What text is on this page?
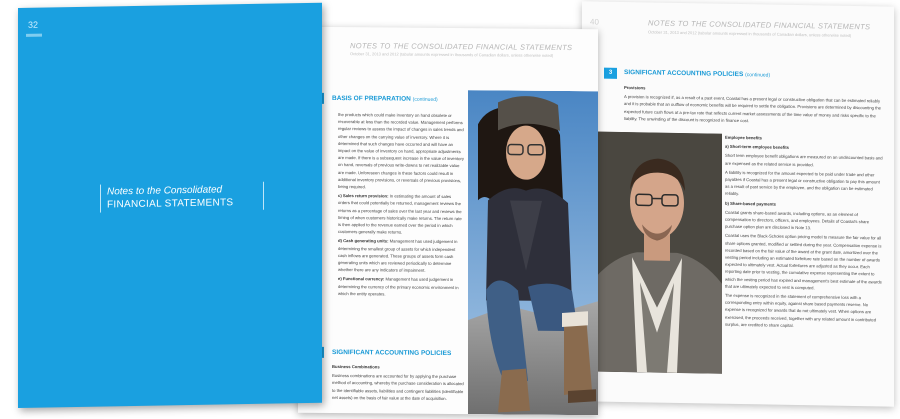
40	NOTES TO THE CONSOLIDATED FINANCIAL STATEMENTS
October 31, 2013 and 2012 (tabular amounts expressed in thousands of Canadian dollars, unless otherwise noted)
3	SIGNIFICANT ACCOUNTING POLICIES (continued)

Provisions

A provision is recognized if, as a result of a past event, Coastal has a present legal or constructive obligation that can be estimated reliably and it is probable that an outflow of economic benefits will be required to settle the obligation. Provisions are determined by discounting the expected future cash flows at a pre-tax rate that reflects current market assessments of the time value of money and risks specific to the liability. The unwinding of the discount is recognized in finance cost.

Employee benefits

a) Short-term employee benefits

Short term employee benefit obligations are measured on an undiscounted basis and are expensed as the related service is provided.

A liability is recognized for the amount expected to be paid under trade and other payables if Coastal has a present legal or constructive obligation to pay this amount as a result of past service by the employee, and the obligation can be estimated reliably.

b) Share-based payments

Coastal grants share-based awards, including options, as an element of compensation to directors, officers, and employees. Details of Coastal's share purchase option plan are disclosed in Note 13.

Coastal uses the Black-Scholes option pricing model to measure the fair value for all share options granted, modified or settled during the year. Compensation expense is recorded based on the fair value of the award at the grant date, amortized over the vesting period including an estimated forfeiture rate based on the number of awards expected to ultimately vest. Actual forfeitures are adjusted as they occur. Each reporting date prior to vesting, the cumulative expense representing the extent to which the vesting period has expired and management's best estimate of the awards that are ultimately expected to vest is computed.

The expense is recognized in the statement of comprehensive loss with a corresponding entry within equity, against share based payments reserve. No expense is recognized for awards that do not ultimately vest. When options are exercised, the proceeds received, together with any related amount in contributed surplus, are credited to share capital.

NOTES TO THE CONSOLIDATED FINANCIAL STATEMENTS
October 31, 2013 and 2012 (tabular amounts expressed in thousands of Canadian dollars, unless otherwise noted)
BASIS OF PREPARATION (continued)

the products which could make inventory on hand obsolete or recoverable at less than the recorded value. Management performs regular reviews to assess the impact of changes in sales trends and other changes on the carrying value of inventory. Where it is determined that such changes have occurred and will have an impact on the value of inventory on hand, appropriate adjustments are made. If there is a subsequent increase in the value of inventory on hand, reversals of previous write-downs to net realizable value are made. Unforeseen changes in these factors could result in additional inventory provisions, or reversals of previous provisions, being required.

c) Sales return provision: In estimating the amount of sales orders that could potentially be returned, management reviews the returns as a percentage of sales over the last year and reviews the timing of when customers historically make returns. The return rate is then applied to the revenue earned over the period in which customers generally make returns.

d) Cash generating units: Management has used judgement in determining the smallest group of assets for which independent cash inflows are generated. These groups of assets form cash generating units which are reviewed periodically to determine whether there are any indicators of impairment.

e) Functional currency: Management has used judgement in determining the currency of the primary economic environment in which the entity operates.

SIGNIFICANT ACCOUNTING POLICIES

Business Combinations

Business combinations are accounted for by applying the purchase method of accounting, whereby the purchase consideration is allocated to the identifiable assets, liabilities and contingent liabilities (identifiable net assets) on the basis of fair value at the date of acquisition.

32
Notes to the Consolidated
FINANCIAL STATEMENTS
